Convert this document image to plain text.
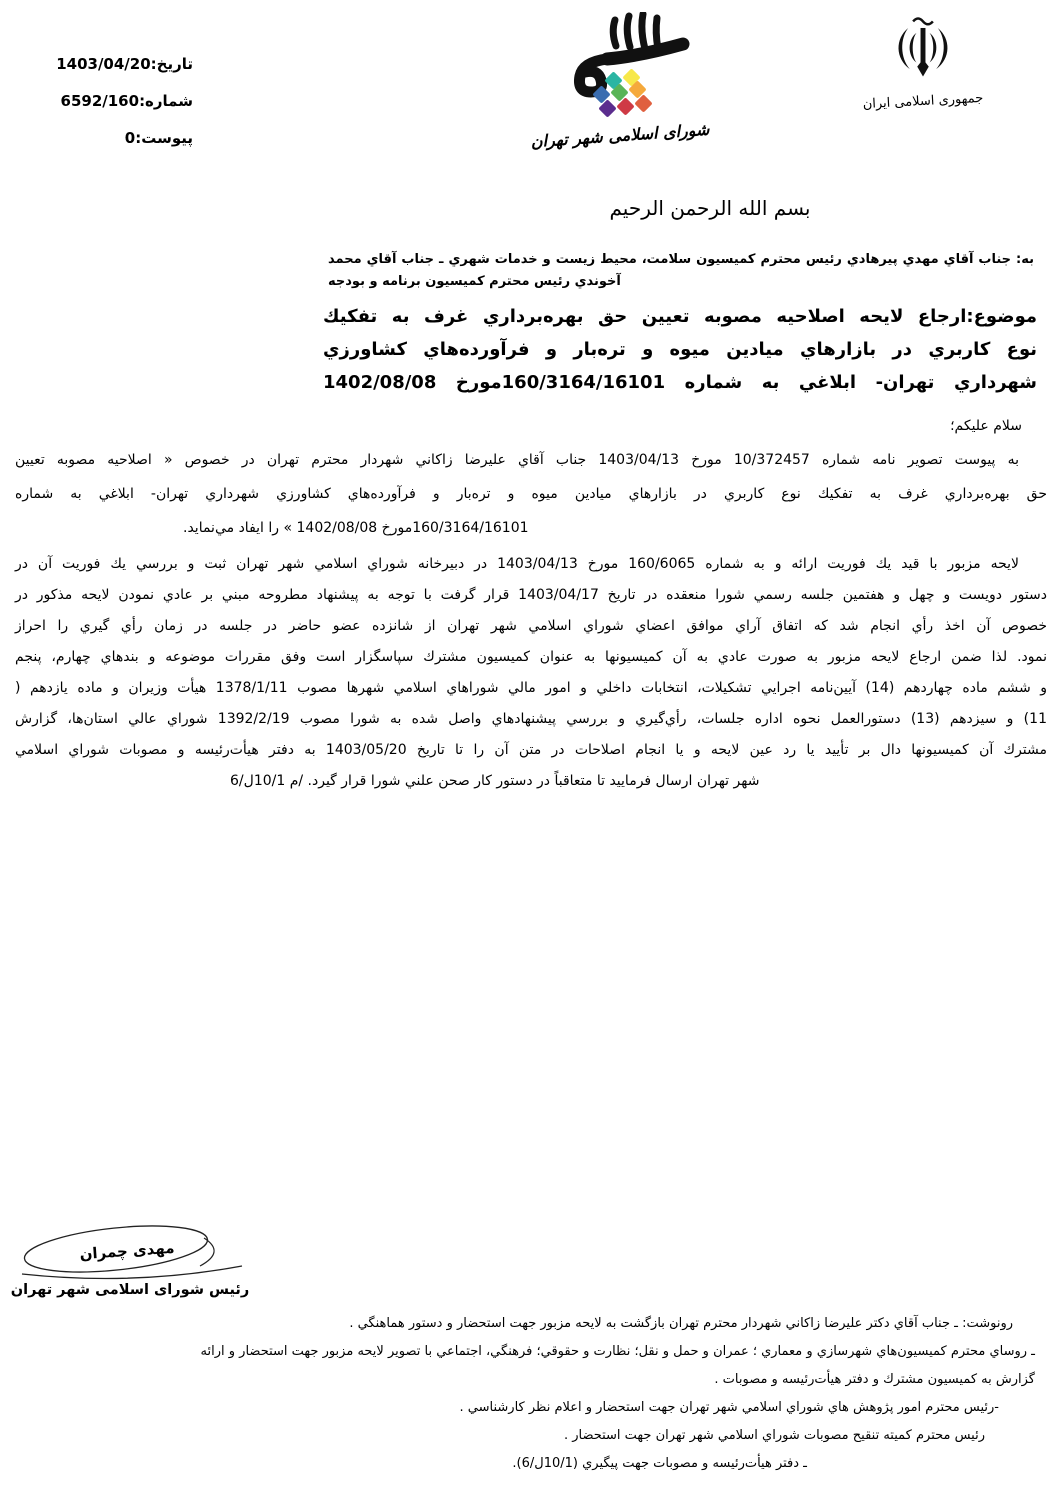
تاريخ:1403/04/20
شماره:6592/160
پيوست:0	شورای اسلامی شهر تهران
جمهوری اسلامی ایران
بسم الله الرحمن الرحيم
به: جناب آقاي مهدي پيرهادي رئيس محترم كميسيون سلامت، محيط زيست و خدمات شهري ـ جناب آقاي محمد
آخوندي رئيس محترم كميسيون برنامه و بودجه
موضوع:ارجاع لايحه اصلاحيه مصوبه تعيين حق بهره‌برداري غرف به تفكيك
نوع كاربري در بازارهاي ميادين ميوه و تره‌بار و فرآورده‌هاي كشاورزي
شهرداري تهران- ابلاغي به شماره 160/3164/16101مورخ 1402/08/08
سلام عليكم؛
به پيوست تصوير نامه شماره 10/372457 مورخ 1403/04/13 جناب آقاي عليرضا زاكاني شهردار محترم تهران در خصوص « اصلاحيه مصوبه تعيين
حق بهره‌برداري غرف به تفكيك نوع كاربري در بازارهاي ميادين ميوه و تره‌بار و فرآورده‌هاي كشاورزي شهرداري تهران- ابلاغي به شماره
160/3164/16101مورخ 1402/08/08 » را ايفاد مي‌نمايد.
لايحه مزبور با قيد يك فوريت ارائه و به شماره 160/6065 مورخ 1403/04/13 در دبيرخانه شوراي اسلامي شهر تهران ثبت و بررسي يك فوريت آن در
دستور دويست و چهل و هفتمين جلسه رسمي شورا منعقده در تاريخ 1403/04/17 قرار گرفت با توجه به پيشنهاد مطروحه مبني بر عادي نمودن لايحه مذكور در
خصوص آن اخذ رأي انجام شد كه اتفاق آراي موافق اعضاي شوراي اسلامي شهر تهران از شانزده عضو حاضر در جلسه در زمان رأي گيري را احراز
نمود. لذا ضمن ارجاع لايحه مزبور به صورت عادي به آن كميسيونها به عنوان كميسيون مشترك سپاسگزار است وفق مقررات موضوعه و بندهاي چهارم، پنجم
و ششم ماده چهاردهم (14) آيين‌نامه اجرايي تشكيلات، انتخابات داخلي و امور مالي شوراهاي اسلامي شهرها مصوب 1378/1/11 هيأت وزيران و ماده يازدهم (
11) و سيزدهم (13) دستورالعمل نحوه اداره جلسات، رأي‌گيري و بررسي پيشنهادهاي واصل شده به شورا مصوب 1392/2/19 شوراي عالي استان‌ها، گزارش
مشترك آن كميسيونها دال بر تأييد يا رد عين لايحه و يا انجام اصلاحات در متن آن را تا تاريخ 1403/05/20 به دفتر هيأت‌رئيسه و مصوبات شوراي اسلامي
شهر تهران ارسال فرماييد تا متعاقباً در دستور كار صحن علني شورا قرار گيرد. /م 10/1ل/6
مهدی چمران
رئيس شورای اسلامی شهر تهران
رونوشت: ـ جناب آقاي دكتر عليرضا زاكاني شهردار محترم تهران بازگشت به لايحه مزبور جهت استحضار و دستور هماهنگي .
ـ روساي محترم كميسيون‌هاي شهرسازي و معماري ؛ عمران و حمل و نقل؛ نظارت و حقوقي؛ فرهنگي، اجتماعي با تصوير لايحه مزبور جهت استحضار و ارائه گزارش به كميسيون مشترك و دفتر هيأت‌رئيسه و مصوبات .
-رئيس محترم امور پژوهش هاي شوراي اسلامي شهر تهران جهت استحضار و اعلام نظر كارشناسي .
رئيس محترم كميته تنقيح مصوبات شوراي اسلامي شهر تهران جهت استحضار .
ـ دفتر هيأت‌رئيسه و مصوبات جهت پيگيري (10/1ل/6).
